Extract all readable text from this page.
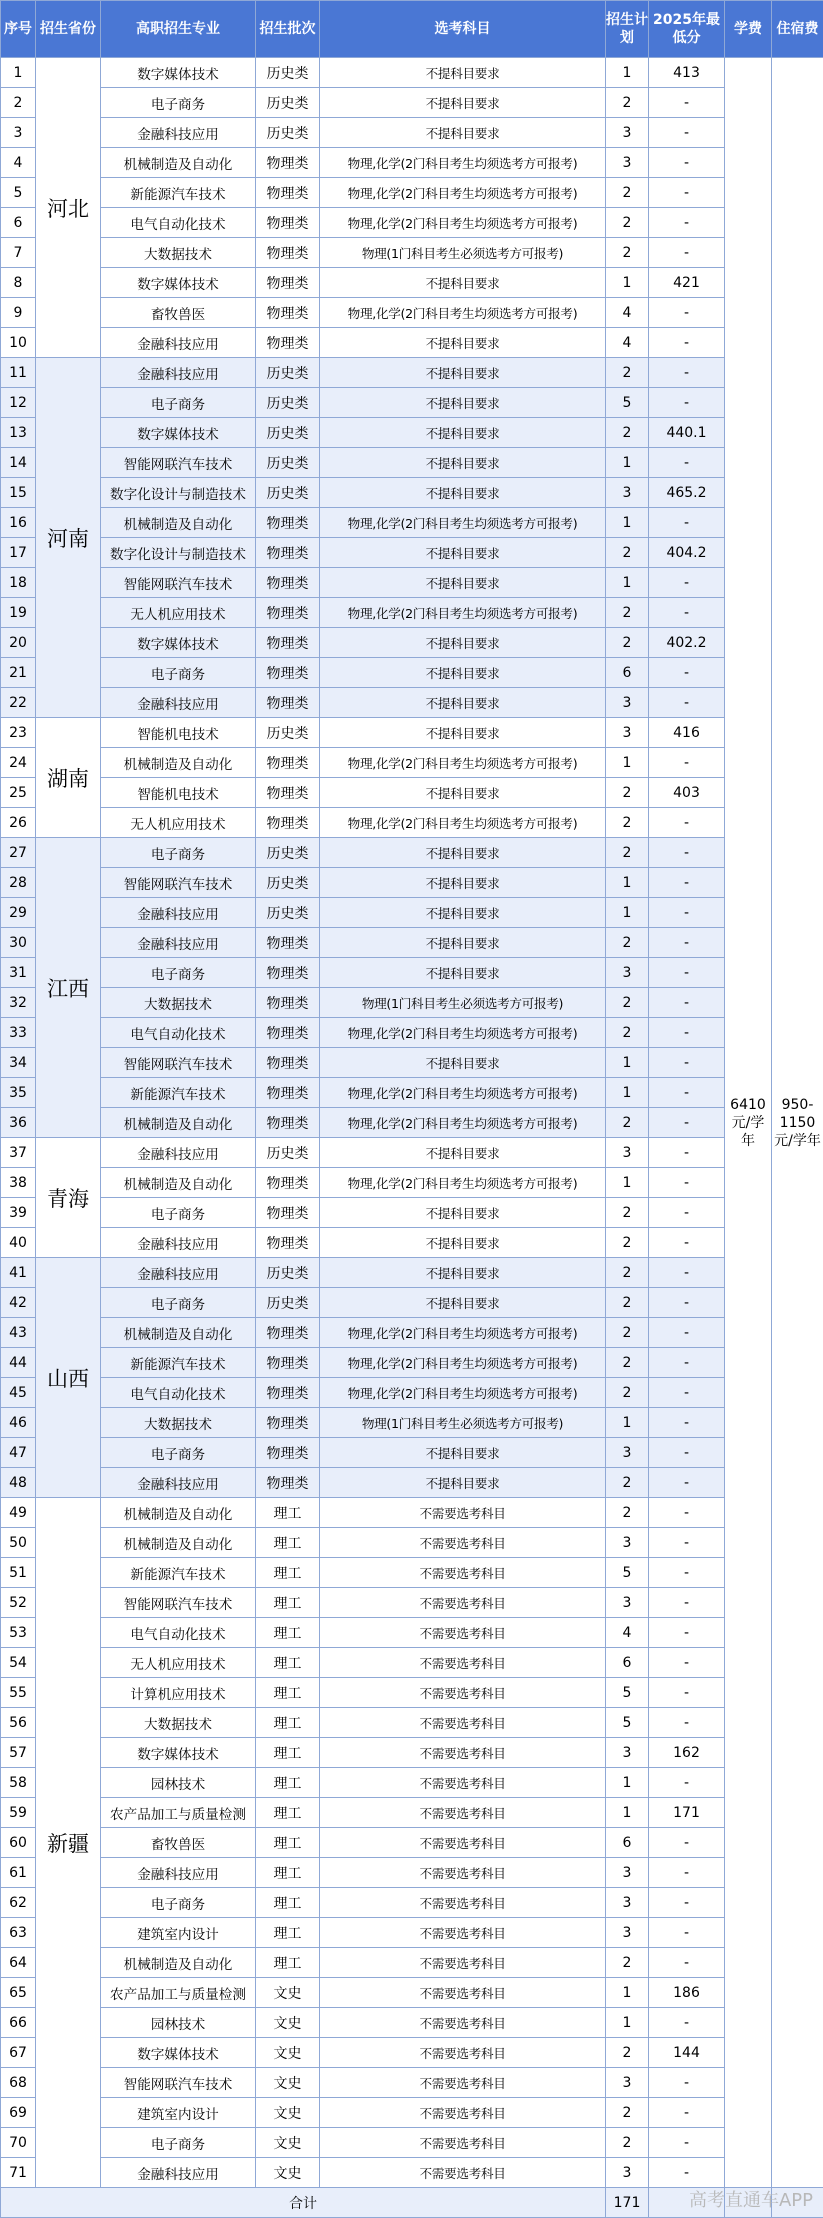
序号	招生省份	高职招生专业	招生批次	选考科目	招生计划	2025年最低分	学费	住宿费
1	河北	数字媒体技术	历史类	不提科目要求	1	413	6410元/学年	950-1150元/学年
2		电子商务	历史类	不提科目要求	2	-		
3		金融科技应用	历史类	不提科目要求	3	-		
4		机械制造及自动化	物理类	物理,化学(2门科目考生均须选考方可报考)	3	-		
5		新能源汽车技术	物理类	物理,化学(2门科目考生均须选考方可报考)	2	-		
6		电气自动化技术	物理类	物理,化学(2门科目考生均须选考方可报考)	2	-		
7		大数据技术	物理类	物理(1门科目考生必须选考方可报考)	2	-		
8		数字媒体技术	物理类	不提科目要求	1	421		
9		畜牧兽医	物理类	物理,化学(2门科目考生均须选考方可报考)	4	-		
10		金融科技应用	物理类	不提科目要求	4	-		
11	河南	金融科技应用	历史类	不提科目要求	2	-		
12		电子商务	历史类	不提科目要求	5	-		
13		数字媒体技术	历史类	不提科目要求	2	440.1		
14		智能网联汽车技术	历史类	不提科目要求	1	-		
15		数字化设计与制造技术	历史类	不提科目要求	3	465.2		
16		机械制造及自动化	物理类	物理,化学(2门科目考生均须选考方可报考)	1	-		
17		数字化设计与制造技术	物理类	不提科目要求	2	404.2		
18		智能网联汽车技术	物理类	不提科目要求	1	-		
19		无人机应用技术	物理类	物理,化学(2门科目考生均须选考方可报考)	2	-		
20		数字媒体技术	物理类	不提科目要求	2	402.2		
21		电子商务	物理类	不提科目要求	6	-		
22		金融科技应用	物理类	不提科目要求	3	-		
23	湖南	智能机电技术	历史类	不提科目要求	3	416		
24		机械制造及自动化	物理类	物理,化学(2门科目考生均须选考方可报考)	1	-		
25		智能机电技术	物理类	不提科目要求	2	403		
26		无人机应用技术	物理类	物理,化学(2门科目考生均须选考方可报考)	2	-		
27	江西	电子商务	历史类	不提科目要求	2	-		
28		智能网联汽车技术	历史类	不提科目要求	1	-		
29		金融科技应用	历史类	不提科目要求	1	-		
30		金融科技应用	物理类	不提科目要求	2	-		
31		电子商务	物理类	不提科目要求	3	-		
32		大数据技术	物理类	物理(1门科目考生必须选考方可报考)	2	-		
33		电气自动化技术	物理类	物理,化学(2门科目考生均须选考方可报考)	2	-		
34		智能网联汽车技术	物理类	不提科目要求	1	-		
35		新能源汽车技术	物理类	物理,化学(2门科目考生均须选考方可报考)	1	-		
36		机械制造及自动化	物理类	物理,化学(2门科目考生均须选考方可报考)	2	-		
37	青海	金融科技应用	历史类	不提科目要求	3	-		
38		机械制造及自动化	物理类	物理,化学(2门科目考生均须选考方可报考)	1	-		
39		电子商务	物理类	不提科目要求	2	-		
40		金融科技应用	物理类	不提科目要求	2	-		
41	山西	金融科技应用	历史类	不提科目要求	2	-		
42		电子商务	历史类	不提科目要求	2	-		
43		机械制造及自动化	物理类	物理,化学(2门科目考生均须选考方可报考)	2	-		
44		新能源汽车技术	物理类	物理,化学(2门科目考生均须选考方可报考)	2	-		
45		电气自动化技术	物理类	物理,化学(2门科目考生均须选考方可报考)	2	-		
46		大数据技术	物理类	物理(1门科目考生必须选考方可报考)	1	-		
47		电子商务	物理类	不提科目要求	3	-		
48		金融科技应用	物理类	不提科目要求	2	-		
49	新疆	机械制造及自动化	理工	不需要选考科目	2	-		
50		机械制造及自动化	理工	不需要选考科目	3	-		
51		新能源汽车技术	理工	不需要选考科目	5	-		
52		智能网联汽车技术	理工	不需要选考科目	3	-		
53		电气自动化技术	理工	不需要选考科目	4	-		
54		无人机应用技术	理工	不需要选考科目	6	-		
55		计算机应用技术	理工	不需要选考科目	5	-		
56		大数据技术	理工	不需要选考科目	5	-		
57		数字媒体技术	理工	不需要选考科目	3	162		
58		园林技术	理工	不需要选考科目	1	-		
59		农产品加工与质量检测	理工	不需要选考科目	1	171		
60		畜牧兽医	理工	不需要选考科目	6	-		
61		金融科技应用	理工	不需要选考科目	3	-		
62		电子商务	理工	不需要选考科目	3	-		
63		建筑室内设计	理工	不需要选考科目	3	-		
64		机械制造及自动化	理工	不需要选考科目	2	-		
65		农产品加工与质量检测	文史	不需要选考科目	1	186		
66		园林技术	文史	不需要选考科目	1	-		
67		数字媒体技术	文史	不需要选考科目	2	144		
68		智能网联汽车技术	文史	不需要选考科目	3	-		
69		建筑室内设计	文史	不需要选考科目	2	-		
70		电子商务	文史	不需要选考科目	2	-		
71		金融科技应用	文史	不需要选考科目	3	-		
合计					171				高考直通车APP
